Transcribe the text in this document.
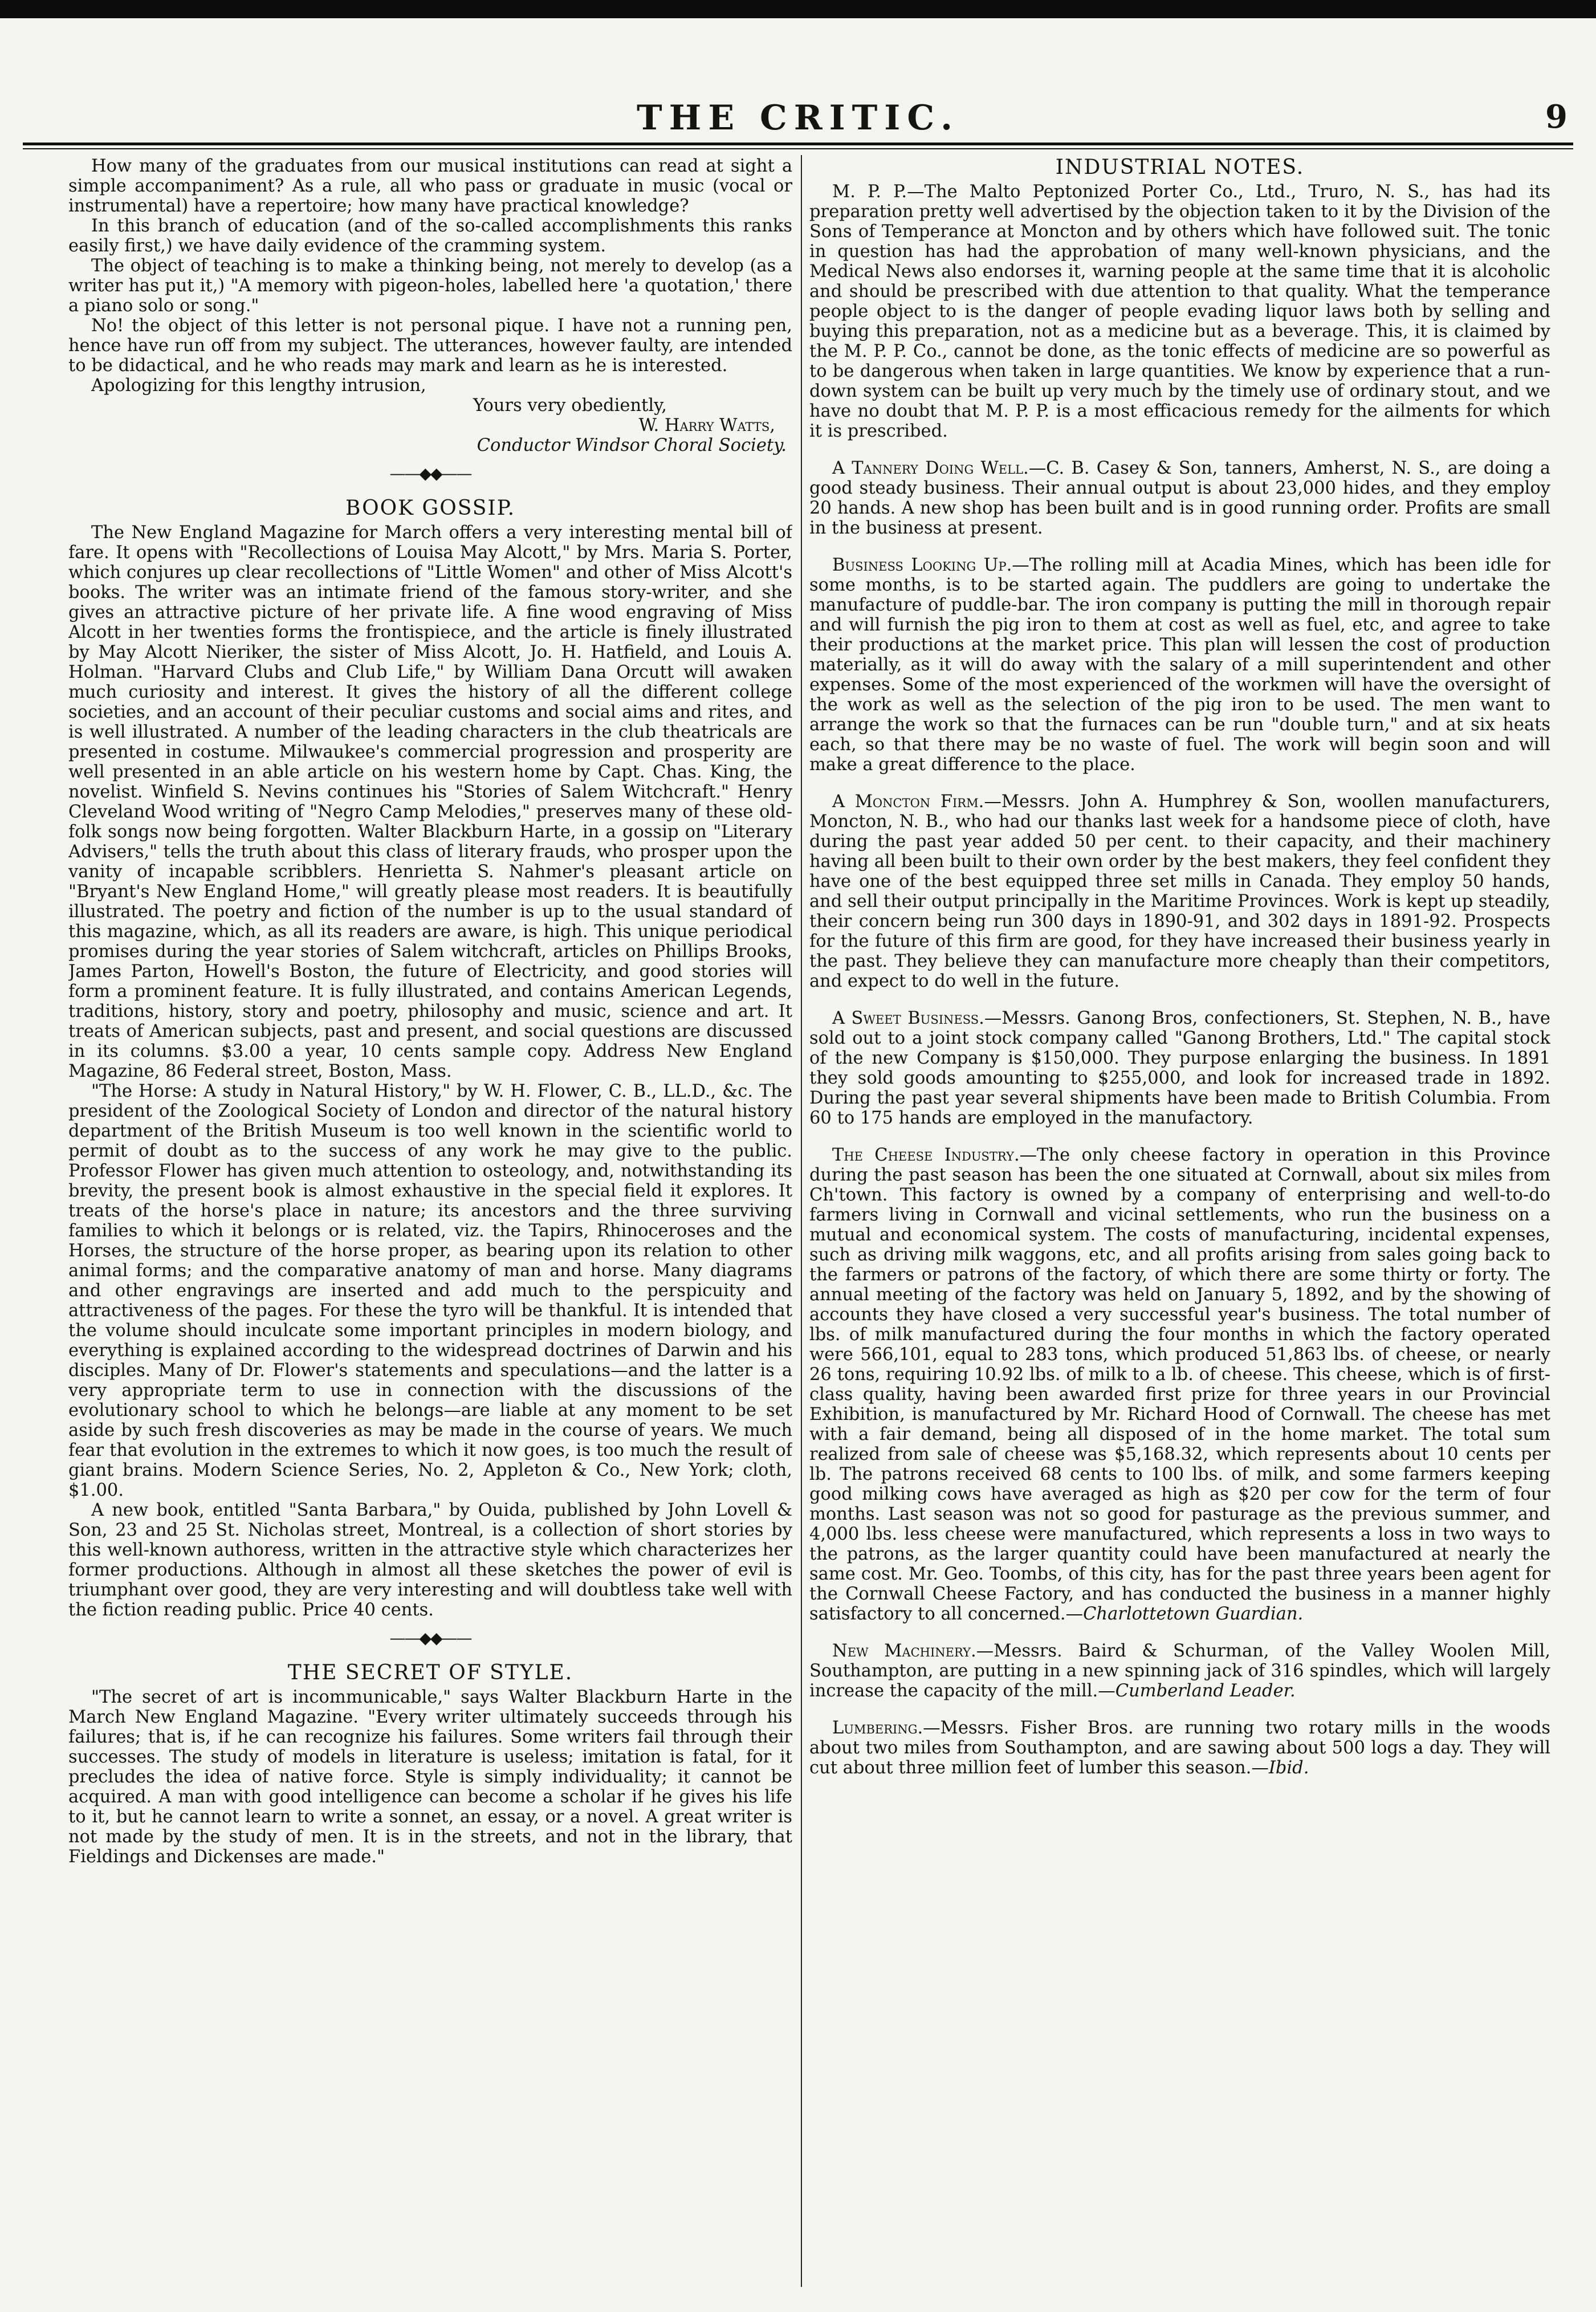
THE CRITIC.	9

How many of the graduates from our musical institutions can read at sight a simple accompaniment? As a rule, all who pass or graduate in music (vocal or instrumental) have a repertoire; how many have practical knowledge?

In this branch of education (and of the so-called accomplishments this ranks easily first,) we have daily evidence of the cramming system.

The object of teaching is to make a thinking being, not merely to develop (as a writer has put it,) "A memory with pigeon-holes, labelled here 'a quotation,' there a piano solo or song."

No! the object of this letter is not personal pique. I have not a running pen, hence have run off from my subject. The utterances, however faulty, are intended to be didactical, and he who reads may mark and learn as he is interested.

Apologizing for this lengthy intrusion,

Yours very obediently,

W. Harry Watts,

Conductor Windsor Choral Society.

——◆◆——
BOOK GOSSIP.

The New England Magazine for March offers a very interesting mental bill of fare. It opens with "Recollections of Louisa May Alcott," by Mrs. Maria S. Porter, which conjures up clear recollections of "Little Women" and other of Miss Alcott's books. The writer was an intimate friend of the famous story-writer, and she gives an attractive picture of her private life. A fine wood engraving of Miss Alcott in her twenties forms the frontispiece, and the article is finely illustrated by May Alcott Nieriker, the sister of Miss Alcott, Jo. H. Hatfield, and Louis A. Holman. "Harvard Clubs and Club Life," by William Dana Orcutt will awaken much curiosity and interest. It gives the history of all the different college societies, and an account of their peculiar customs and social aims and rites, and is well illustrated. A number of the leading characters in the club theatricals are presented in costume. Milwaukee's commercial progression and prosperity are well presented in an able article on his western home by Capt. Chas. King, the novelist. Winfield S. Nevins continues his "Stories of Salem Witchcraft." Henry Cleveland Wood writing of "Negro Camp Melodies," preserves many of these old-folk songs now being forgotten. Walter Blackburn Harte, in a gossip on "Literary Advisers," tells the truth about this class of literary frauds, who prosper upon the vanity of incapable scribblers. Henrietta S. Nahmer's pleasant article on "Bryant's New England Home," will greatly please most readers. It is beautifully illustrated. The poetry and fiction of the number is up to the usual standard of this magazine, which, as all its readers are aware, is high. This unique periodical promises during the year stories of Salem witchcraft, articles on Phillips Brooks, James Parton, Howell's Boston, the future of Electricity, and good stories will form a prominent feature. It is fully illustrated, and contains American Legends, traditions, history, story and poetry, philosophy and music, science and art. It treats of American subjects, past and present, and social questions are discussed in its columns. $3.00 a year, 10 cents sample copy. Address New England Magazine, 86 Federal street, Boston, Mass.

"The Horse: A study in Natural History," by W. H. Flower, C. B., LL.D., &c. The president of the Zoological Society of London and director of the natural history department of the British Museum is too well known in the scientific world to permit of doubt as to the success of any work he may give to the public. Professor Flower has given much attention to osteology, and, notwithstanding its brevity, the present book is almost exhaustive in the special field it explores. It treats of the horse's place in nature; its ancestors and the three surviving families to which it belongs or is related, viz. the Tapirs, Rhinoceroses and the Horses, the structure of the horse proper, as bearing upon its relation to other animal forms; and the comparative anatomy of man and horse. Many diagrams and other engravings are inserted and add much to the perspicuity and attractiveness of the pages. For these the tyro will be thankful. It is intended that the volume should inculcate some important principles in modern biology, and everything is explained according to the widespread doctrines of Darwin and his disciples. Many of Dr. Flower's statements and speculations—and the latter is a very appropriate term to use in connection with the discussions of the evolutionary school to which he belongs—are liable at any moment to be set aside by such fresh discoveries as may be made in the course of years. We much fear that evolution in the extremes to which it now goes, is too much the result of giant brains. Modern Science Series, No. 2, Appleton & Co., New York; cloth, $1.00.

A new book, entitled "Santa Barbara," by Ouida, published by John Lovell & Son, 23 and 25 St. Nicholas street, Montreal, is a collection of short stories by this well-known authoress, written in the attractive style which characterizes her former productions. Although in almost all these sketches the power of evil is triumphant over good, they are very interesting and will doubtless take well with the fiction reading public. Price 40 cents.

——◆◆——
THE SECRET OF STYLE.

"The secret of art is incommunicable," says Walter Blackburn Harte in the March New England Magazine. "Every writer ultimately succeeds through his failures; that is, if he can recognize his failures. Some writers fail through their successes. The study of models in literature is useless; imitation is fatal, for it precludes the idea of native force. Style is simply individuality; it cannot be acquired. A man with good intelligence can become a scholar if he gives his life to it, but he cannot learn to write a sonnet, an essay, or a novel. A great writer is not made by the study of men. It is in the streets, and not in the library, that Fieldings and Dickenses are made."

INDUSTRIAL NOTES.

M. P. P.—The Malto Peptonized Porter Co., Ltd., Truro, N. S., has had its preparation pretty well advertised by the objection taken to it by the Division of the Sons of Temperance at Moncton and by others which have followed suit. The tonic in question has had the approbation of many well-known physicians, and the Medical News also endorses it, warning people at the same time that it is alcoholic and should be prescribed with due attention to that quality. What the temperance people object to is the danger of people evading liquor laws both by selling and buying this preparation, not as a medicine but as a beverage. This, it is claimed by the M. P. P. Co., cannot be done, as the tonic effects of medicine are so powerful as to be dangerous when taken in large quantities. We know by experience that a run-down system can be built up very much by the timely use of ordinary stout, and we have no doubt that M. P. P. is a most efficacious remedy for the ailments for which it is prescribed.

A Tannery Doing Well.—C. B. Casey & Son, tanners, Amherst, N. S., are doing a good steady business. Their annual output is about 23,000 hides, and they employ 20 hands. A new shop has been built and is in good running order. Profits are small in the business at present.

Business Looking Up.—The rolling mill at Acadia Mines, which has been idle for some months, is to be started again. The puddlers are going to undertake the manufacture of puddle-bar. The iron company is putting the mill in thorough repair and will furnish the pig iron to them at cost as well as fuel, etc, and agree to take their productions at the market price. This plan will lessen the cost of production materially, as it will do away with the salary of a mill superintendent and other expenses. Some of the most experienced of the workmen will have the oversight of the work as well as the selection of the pig iron to be used. The men want to arrange the work so that the furnaces can be run "double turn," and at six heats each, so that there may be no waste of fuel. The work will begin soon and will make a great difference to the place.

A Moncton Firm.—Messrs. John A. Humphrey & Son, woollen manufacturers, Moncton, N. B., who had our thanks last week for a handsome piece of cloth, have during the past year added 50 per cent. to their capacity, and their machinery having all been built to their own order by the best makers, they feel confident they have one of the best equipped three set mills in Canada. They employ 50 hands, and sell their output principally in the Maritime Provinces. Work is kept up steadily, their concern being run 300 days in 1890-91, and 302 days in 1891-92. Prospects for the future of this firm are good, for they have increased their business yearly in the past. They believe they can manufacture more cheaply than their competitors, and expect to do well in the future.

A Sweet Business.—Messrs. Ganong Bros, confectioners, St. Stephen, N. B., have sold out to a joint stock company called "Ganong Brothers, Ltd." The capital stock of the new Company is $150,000. They purpose enlarging the business. In 1891 they sold goods amounting to $255,000, and look for increased trade in 1892. During the past year several shipments have been made to British Columbia. From 60 to 175 hands are employed in the manufactory.

The Cheese Industry.—The only cheese factory in operation in this Province during the past season has been the one situated at Cornwall, about six miles from Ch'town. This factory is owned by a company of enterprising and well-to-do farmers living in Cornwall and vicinal settlements, who run the business on a mutual and economical system. The costs of manufacturing, incidental expenses, such as driving milk waggons, etc, and all profits arising from sales going back to the farmers or patrons of the factory, of which there are some thirty or forty. The annual meeting of the factory was held on January 5, 1892, and by the showing of accounts they have closed a very successful year's business. The total number of lbs. of milk manufactured during the four months in which the factory operated were 566,101, equal to 283 tons, which produced 51,863 lbs. of cheese, or nearly 26 tons, requiring 10.92 lbs. of milk to a lb. of cheese. This cheese, which is of first-class quality, having been awarded first prize for three years in our Provincial Exhibition, is manufactured by Mr. Richard Hood of Cornwall. The cheese has met with a fair demand, being all disposed of in the home market. The total sum realized from sale of cheese was $5,168.32, which represents about 10 cents per lb. The patrons received 68 cents to 100 lbs. of milk, and some farmers keeping good milking cows have averaged as high as $20 per cow for the term of four months. Last season was not so good for pasturage as the previous summer, and 4,000 lbs. less cheese were manufactured, which represents a loss in two ways to the patrons, as the larger quantity could have been manufactured at nearly the same cost. Mr. Geo. Toombs, of this city, has for the past three years been agent for the Cornwall Cheese Factory, and has conducted the business in a manner highly satisfactory to all concerned.—Charlottetown Guardian.

New Machinery.—Messrs. Baird & Schurman, of the Valley Woolen Mill, Southampton, are putting in a new spinning jack of 316 spindles, which will largely increase the capacity of the mill.—Cumberland Leader.

Lumbering.—Messrs. Fisher Bros. are running two rotary mills in the woods about two miles from Southampton, and are sawing about 500 logs a day. They will cut about three million feet of lumber this season.—Ibid.
